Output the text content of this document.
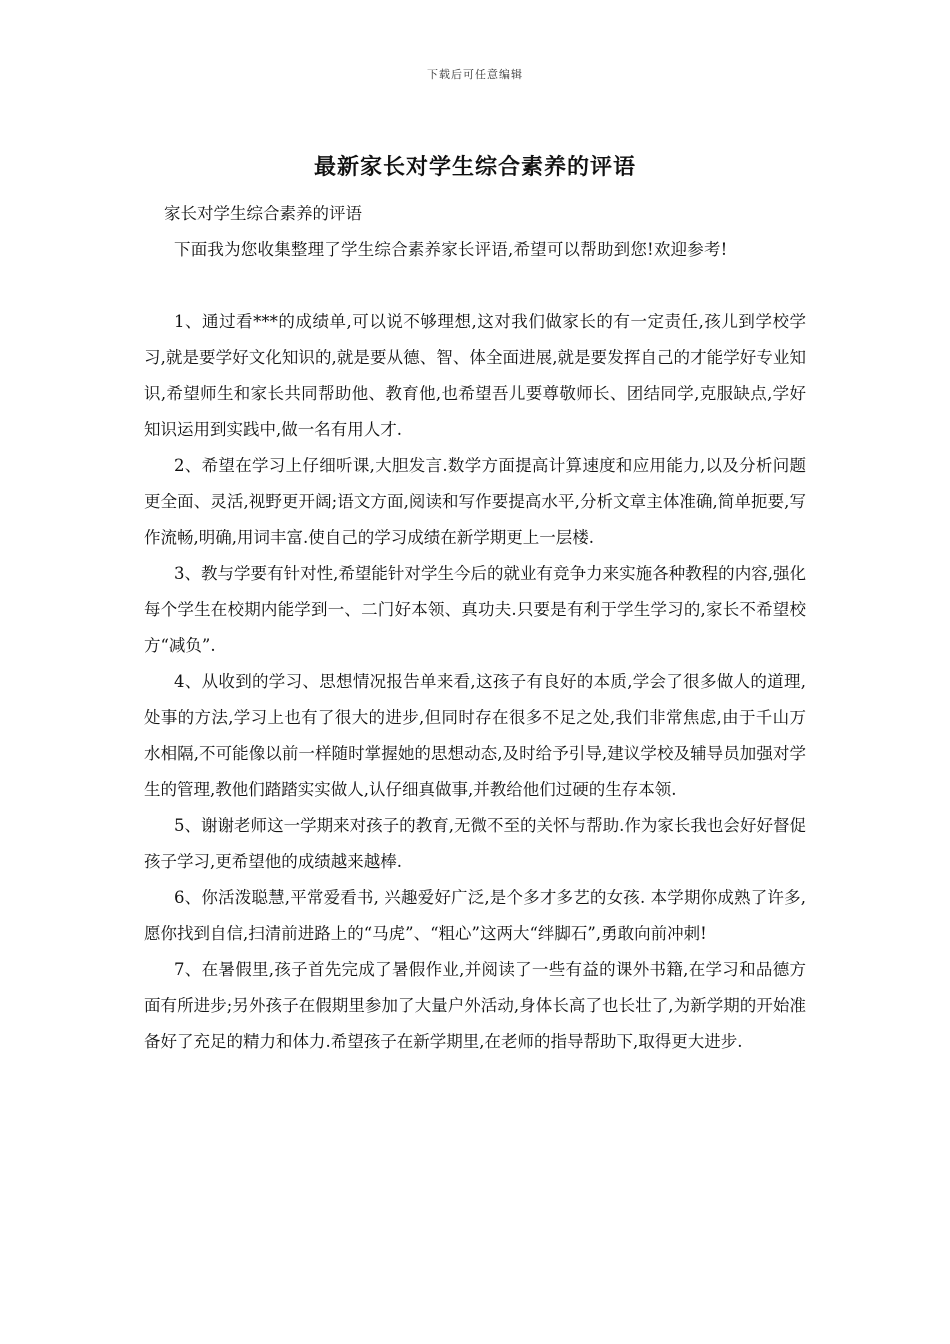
下载后可任意编辑
最新家长对学生综合素养的评语

家长对学生综合素养的评语

下面我为您收集整理了学生综合素养家长评语,希望可以帮助到您!欢迎参考!

1、通过看***的成绩单,可以说不够理想,这对我们做家长的有一定责任,孩儿到学校学习,就是要学好文化知识的,就是要从德、智、体全面进展,就是要发挥自己的才能学好专业知识,希望师生和家长共同帮助他、教育他,也希望吾儿要尊敬师长、团结同学,克服缺点,学好知识运用到实践中,做一名有用人才.

2、希望在学习上仔细听课,大胆发言.数学方面提高计算速度和应用能力,以及分析问题更全面、灵活,视野更开阔;语文方面,阅读和写作要提高水平,分析文章主体准确,简单扼要,写作流畅,明确,用词丰富.使自己的学习成绩在新学期更上一层楼.

3、教与学要有针对性,希望能针对学生今后的就业有竞争力来实施各种教程的内容,强化每个学生在校期内能学到一、二门好本领、真功夫.只要是有利于学生学习的,家长不希望校方“减负”.

4、从收到的学习、思想情况报告单来看,这孩子有良好的本质,学会了很多做人的道理,处事的方法,学习上也有了很大的进步,但同时存在很多不足之处,我们非常焦虑,由于千山万水相隔,不可能像以前一样随时掌握她的思想动态,及时给予引导,建议学校及辅导员加强对学生的管理,教他们踏踏实实做人,认仔细真做事,并教给他们过硬的生存本领.

5、谢谢老师这一学期来对孩子的教育,无微不至的关怀与帮助.作为家长我也会好好督促孩子学习,更希望他的成绩越来越棒.

6、你活泼聪慧,平常爱看书, 兴趣爱好广泛,是个多才多艺的女孩. 本学期你成熟了许多,愿你找到自信,扫清前进路上的“马虎”、“粗心”这两大“绊脚石”,勇敢向前冲刺!

7、在暑假里,孩子首先完成了暑假作业,并阅读了一些有益的课外书籍,在学习和品德方面有所进步;另外孩子在假期里参加了大量户外活动,身体长高了也长壮了,为新学期的开始准备好了充足的精力和体力.希望孩子在新学期里,在老师的指导帮助下,取得更大进步.
